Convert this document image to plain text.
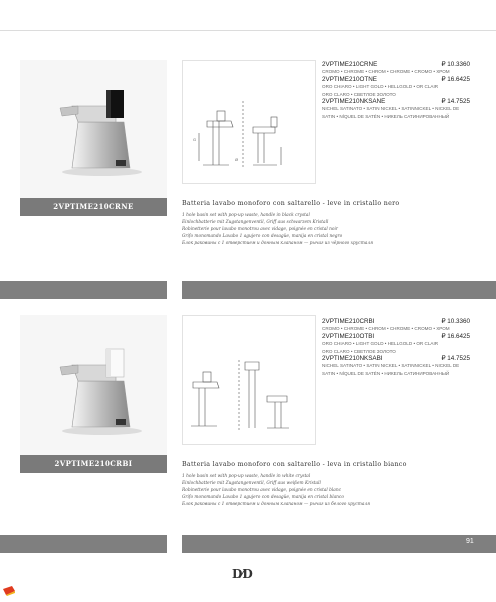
2VPTIME210CRNE
G
Ø
2VPTIME210CRNE	₽ 10.3360
CROMO • CHROME • CHROM • CHROME • CROMO • ХРОМ
2VPTIME210OTNE	₽ 16.6425
ORO CHIARO • LIGHT GOLD • HELLGOLD • OR CLAIR
ORO CLARO • СВЕТЛОЕ ЗОЛОТО
2VPTIME210NKSANE	₽ 14.7525
NICHEL SATINATO • SATIN NICKEL • SATINNICKEL • NICKEL DE
SATIN • NÍQUEL DE SATÉN • НИКЕЛЬ САТИНИРОВАННЫЙ
Batteria lavabo monoforo con saltarello - leve in cristallo nero
1 hole basin set with pop-up waste, handle in black crystal
Einlochbatterie mit Zugstangenventil, Griff aus schwarzem Kristall
Robinetterie pour lavabo monotrou avec vidage, poignée en cristal noir
Grifo monomando Lavabo 1 agujero con desagüe, manija en cristal negro
Блок раковины с 1 отверстием и донным клапаном — рычаг из чёрного хрусталя
2VPTIME210CRBI
2VPTIME210CRBI	₽ 10.3360
CROMO • CHROME • CHROM • CHROME • CROMO • ХРОМ
2VPTIME210OTBI	₽ 16.6425
ORO CHIARO • LIGHT GOLD • HELLGOLD • OR CLAIR
ORO CLARO • СВЕТЛОЕ ЗОЛОТО
2VPTIME210NKSABI	₽ 14.7525
NICHEL SATINATO • SATIN NICKEL • SATINNICKEL • NICKEL DE
SATIN • NÍQUEL DE SATÉN • НИКЕЛЬ САТИНИРОВАННЫЙ
Batteria lavabo monoforo con saltarello - leva in cristallo bianco
1 hole basin set with pop-up waste, handle in white crystal
Einlochbatterie mit Zugstangenventil, Griff aus weißem Kristall
Robinetterie pour lavabo monotrou avec vidage, poignée en cristal blanc
Grifo monomando Lavabo 1 agujero con desagüe, manija en cristal blanco
Блок раковины с 1 отверстием и донным клапаном — рычаг из белого хрусталя
91
D⁄D
